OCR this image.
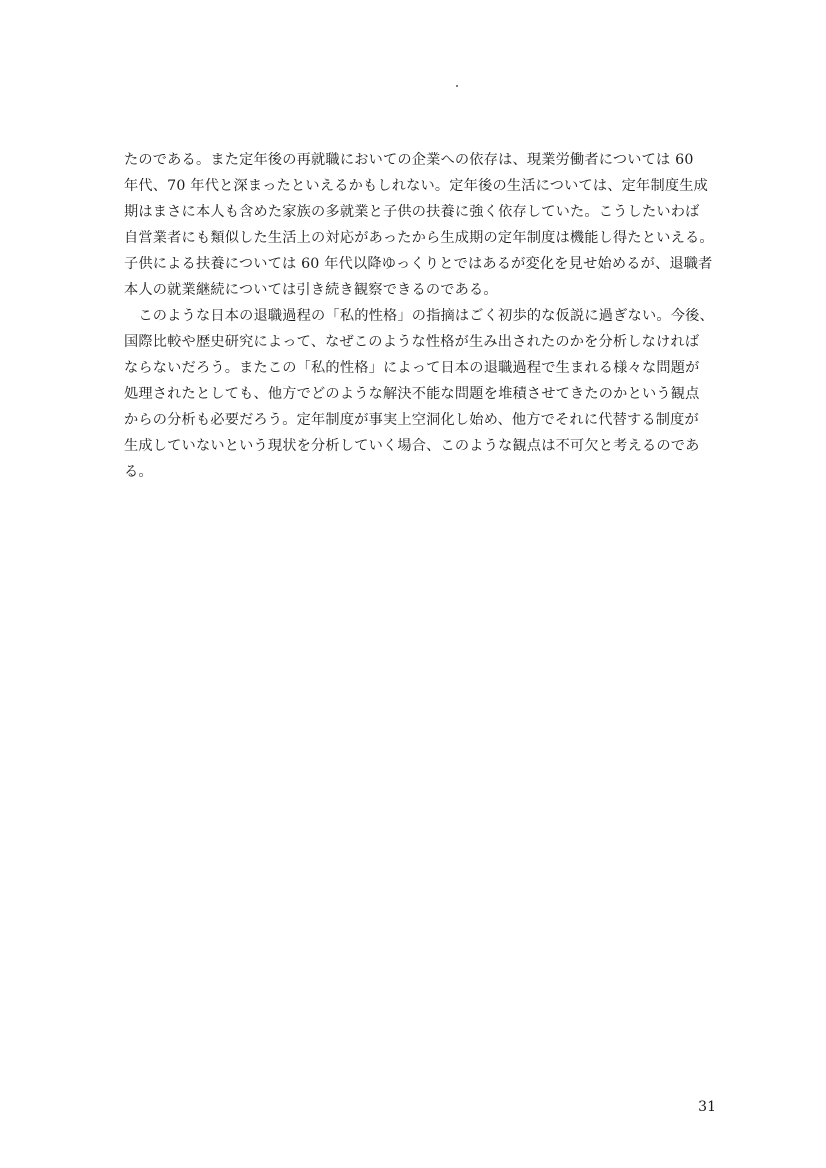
たのである。また定年後の再就職においての企業への依存は、現業労働者については 60
年代、70 年代と深まったといえるかもしれない。定年後の生活については、定年制度生成
期はまさに本人も含めた家族の多就業と子供の扶養に強く依存していた。こうしたいわば
自営業者にも類似した生活上の対応があったから生成期の定年制度は機能し得たといえる。
子供による扶養については 60 年代以降ゆっくりとではあるが変化を見せ始めるが、退職者
本人の就業継続については引き続き観察できるのである。
　このような日本の退職過程の「私的性格」の指摘はごく初歩的な仮説に過ぎない。今後、
国際比較や歴史研究によって、なぜこのような性格が生み出されたのかを分析しなければ
ならないだろう。またこの「私的性格」によって日本の退職過程で生まれる様々な問題が
処理されたとしても、他方でどのような解決不能な問題を堆積させてきたのかという観点
からの分析も必要だろう。定年制度が事実上空洞化し始め、他方でそれに代替する制度が
生成していないという現状を分析していく場合、このような観点は不可欠と考えるのであ
る。
31
